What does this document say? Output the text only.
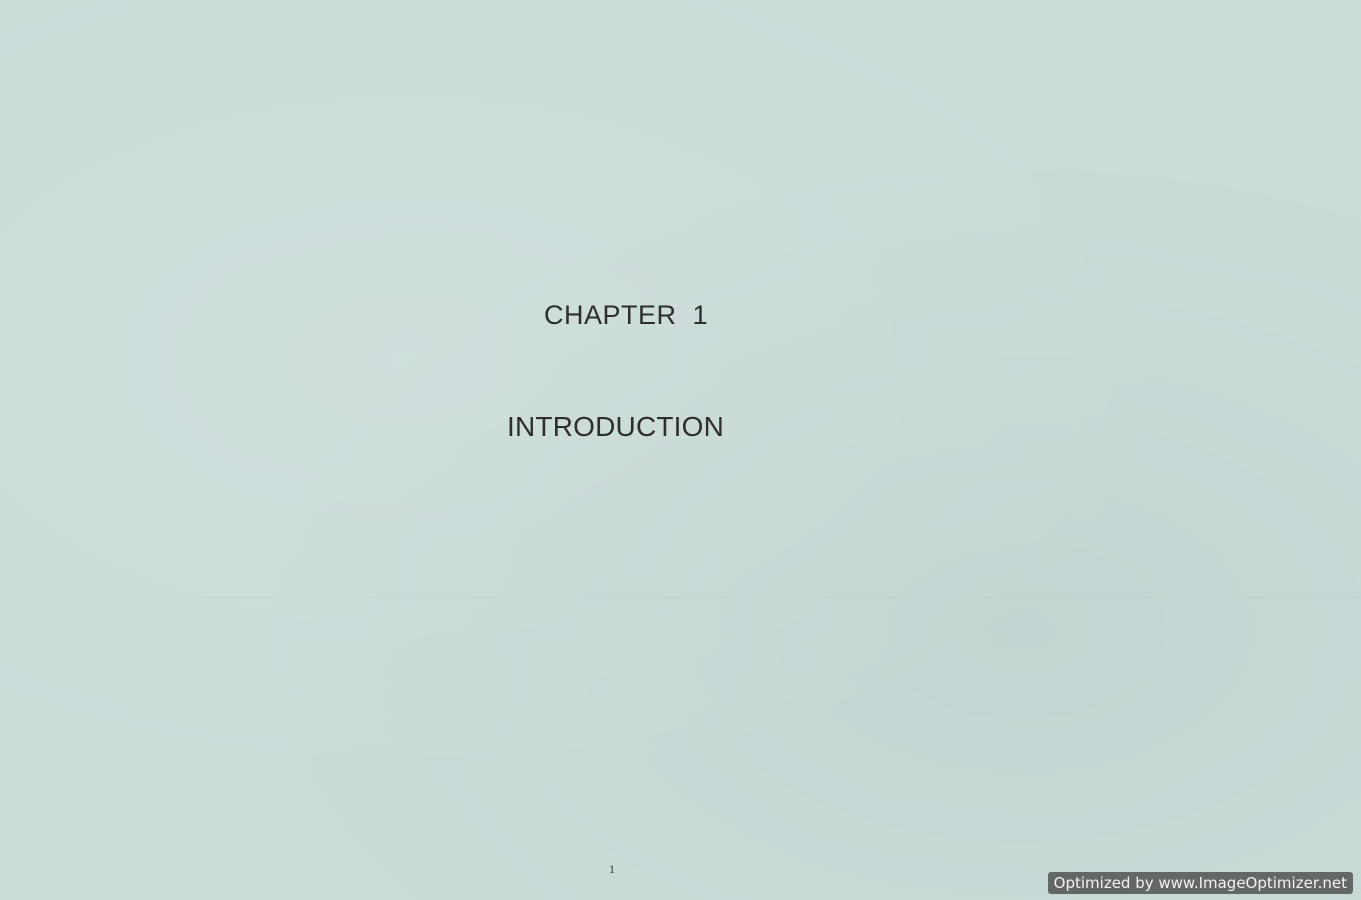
CHAPTER  1
INTRODUCTION
1
Optimized by www.ImageOptimizer.net
